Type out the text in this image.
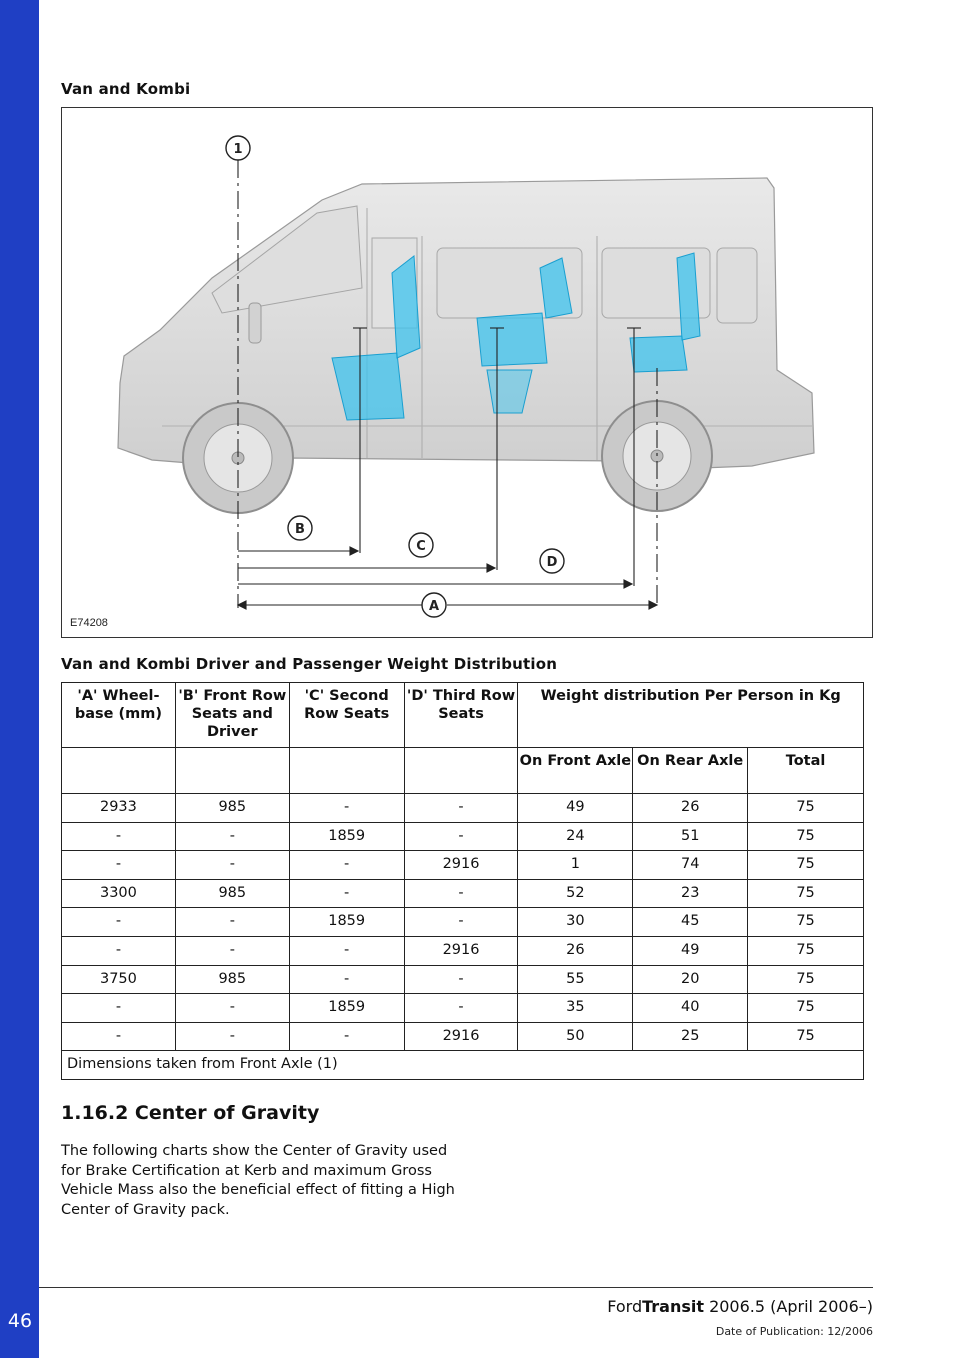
46
Van and Kombi
1
B
C
D
A
E74208
Van and Kombi Driver and Passenger Weight Distribution
'A' Wheel-base (mm)	'B' Front Row Seats and Driver	'C' Second Row Seats	'D' Third Row Seats	Weight distribution Per Person in Kg		
				On Front Axle	On Rear Axle	Total
2933	985	-	-	49	26	75
-	-	1859	-	24	51	75
-	-	-	2916	1	74	75
3300	985	-	-	52	23	75
-	-	1859	-	30	45	75
-	-	-	2916	26	49	75
3750	985	-	-	55	20	75
-	-	1859	-	35	40	75
-	-	-	2916	50	25	75
Dimensions taken from Front Axle (1)						
1.16.2 Center of Gravity
The following charts show the Center of Gravity used for Brake Certification at Kerb and maximum Gross Vehicle Mass also the beneficial effect of fitting a High Center of Gravity pack.
FordTransit 2006.5 (April 2006–)
Date of Publication: 12/2006
